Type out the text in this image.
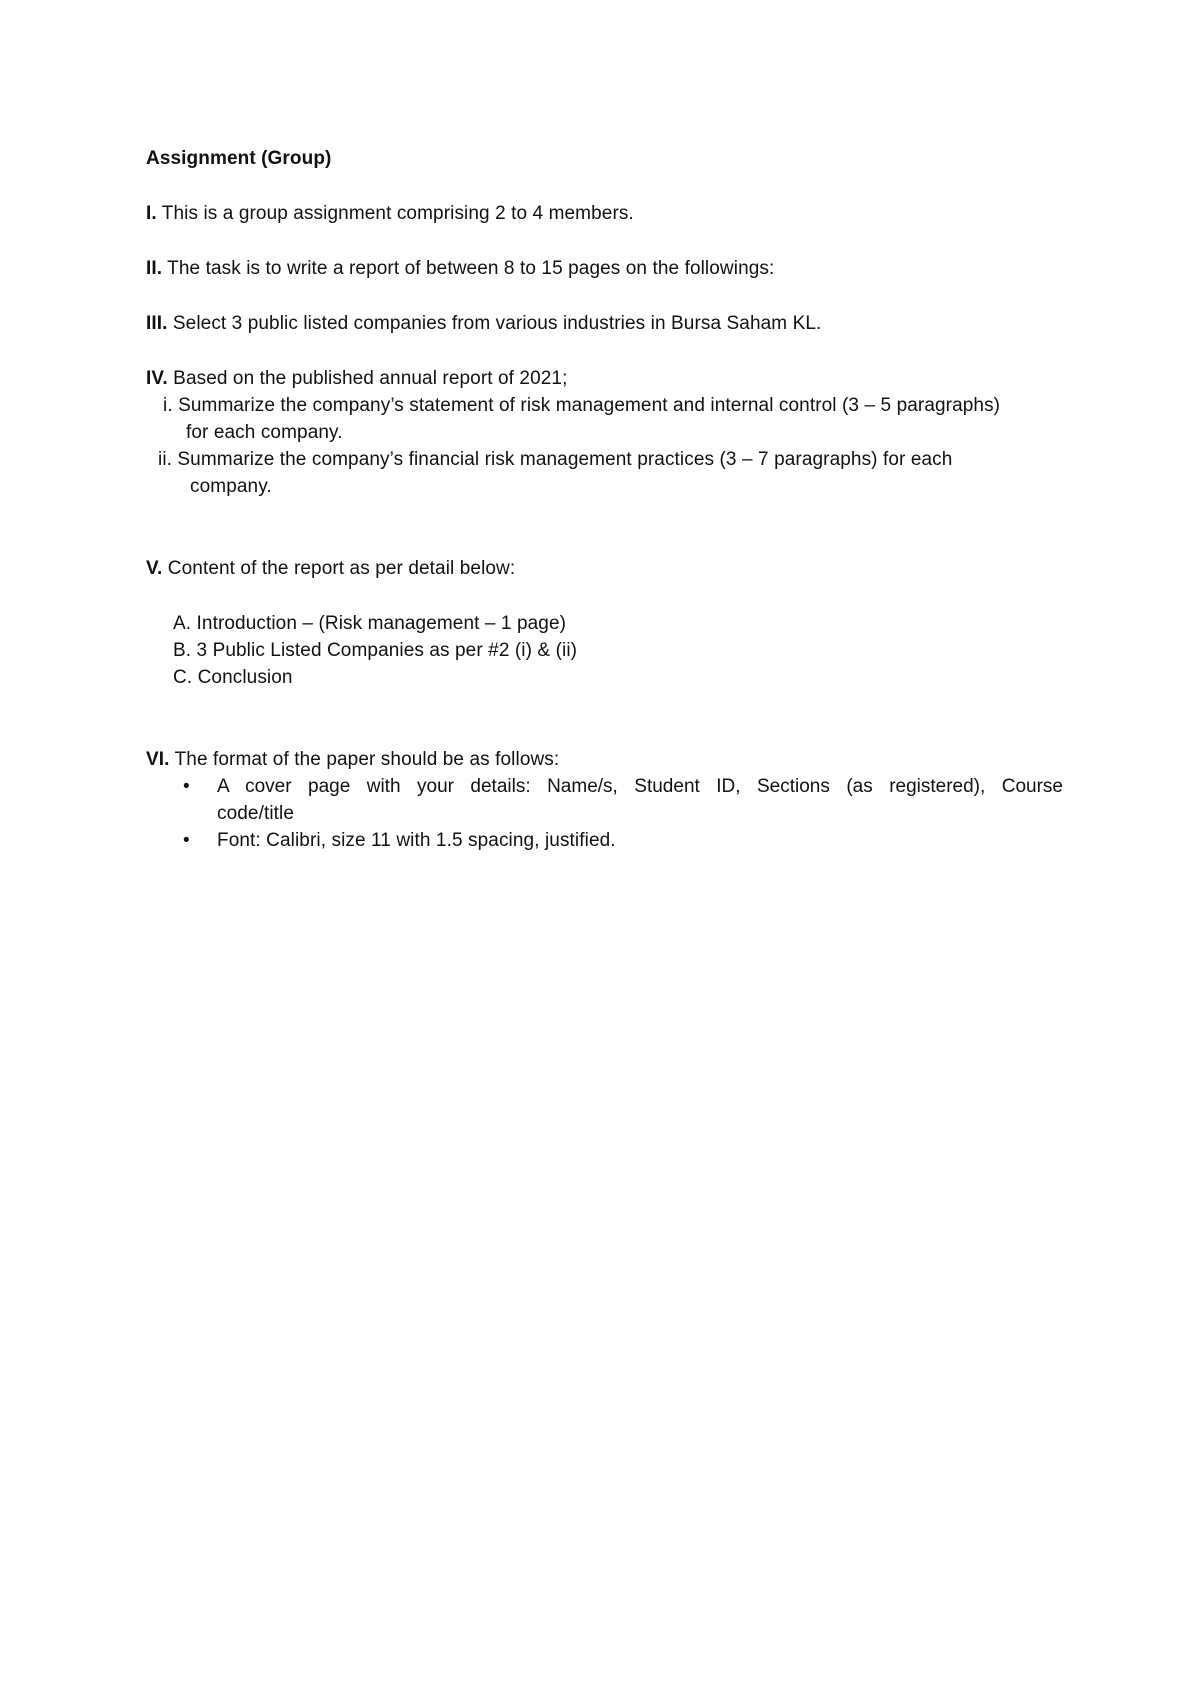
Assignment (Group)
I. This is a group assignment comprising 2 to 4 members.
II. The task is to write a report of between 8 to 15 pages on the followings:
III. Select 3 public listed companies from various industries in Bursa Saham KL.
IV. Based on the published annual report of 2021;
i. Summarize the company’s statement of risk management and internal control (3 – 5 paragraphs)
for each company.
ii. Summarize the company’s financial risk management practices (3 – 7 paragraphs) for each
company.
V. Content of the report as per detail below:
A. Introduction – (Risk management – 1 page)
B. 3 Public Listed Companies as per #2 (i) & (ii)
C. Conclusion
VI. The format of the paper should be as follows:
• A cover page with your details: Name/s, Student ID, Sections (as registered), Course
code/title
• Font: Calibri, size 11 with 1.5 spacing, justified.
